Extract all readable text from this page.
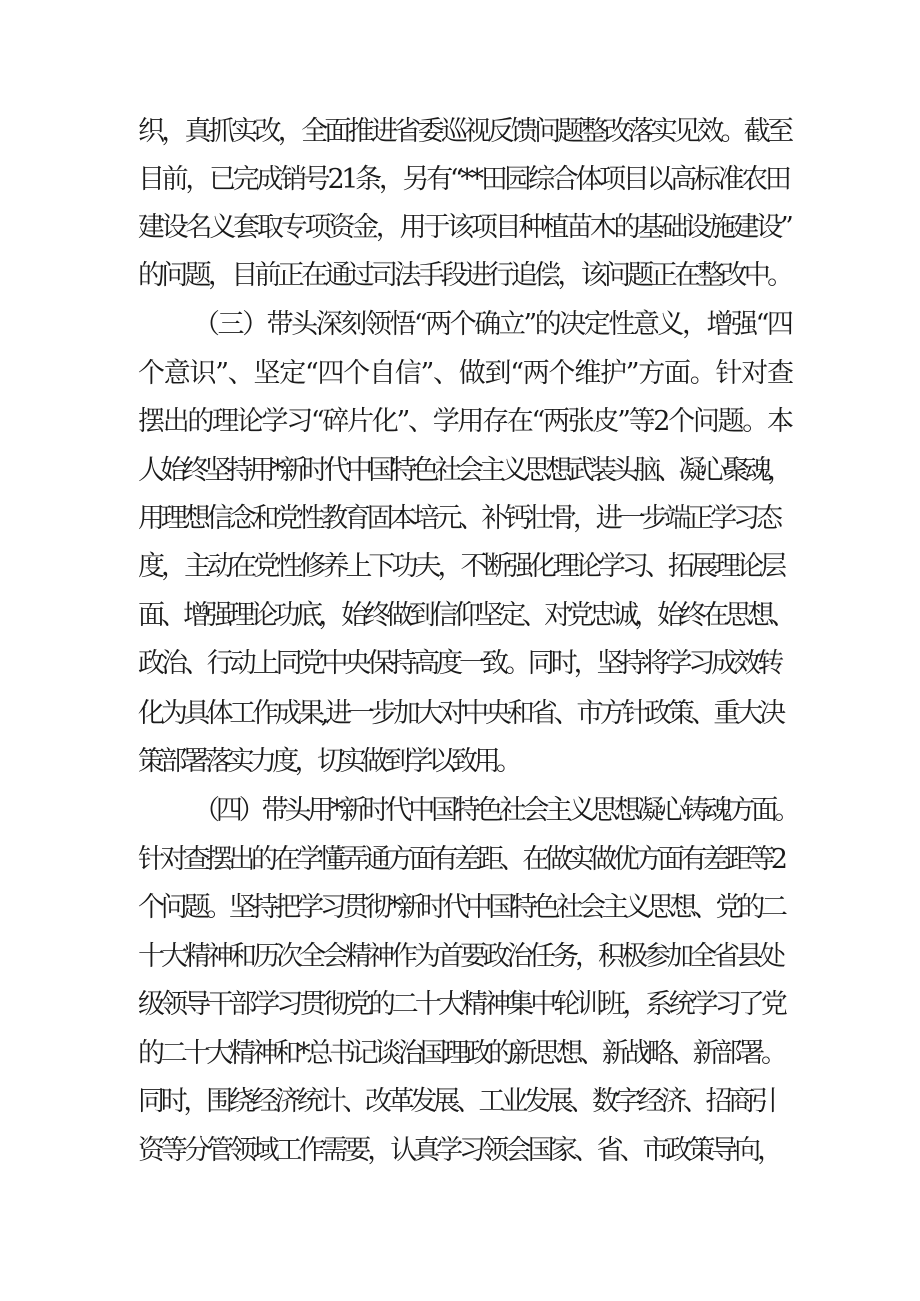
织，真抓实改，全面推进省委巡视反馈问题整改落实见效。截至
目前，已完成销号21条，另有“**田园综合体项目以高标准农田
建设名义套取专项资金，用于该项目种植苗木的基础设施建设”
的问题，目前正在通过司法手段进行追偿，该问题正在整改中。
（三）带头深刻领悟“两个确立”的决定性意义，增强“四
个意识”、坚定“四个自信”、做到“两个维护”方面。针对查
摆出的理论学习“碎片化”、学用存在“两张皮”等2个问题。本
人始终坚持用*新时代中国特色社会主义思想武装头脑、凝心聚魂，
用理想信念和党性教育固本培元、补钙壮骨，进一步端正学习态
度，主动在党性修养上下功夫，不断强化理论学习、拓展理论层
面、增强理论功底，始终做到信仰坚定、对党忠诚，始终在思想、
政治、行动上同党中央保持高度一致。同时，坚持将学习成效转
化为具体工作成果,进一步加大对中央和省、市方针政策、重大决
策部署落实力度，切实做到学以致用。
（四）带头用*新时代中国特色社会主义思想凝心铸魂方面。
针对查摆出的在学懂弄通方面有差距、在做实做优方面有差距等2
个问题。坚持把学习贯彻*新时代中国特色社会主义思想、党的二
十大精神和历次全会精神作为首要政治任务，积极参加全省县处
级领导干部学习贯彻党的二十大精神集中轮训班，系统学习了党
的二十大精神和*总书记谈治国理政的新思想、新战略、新部署。
同时，围绕经济统计、改革发展、工业发展、数字经济、招商引
资等分管领域工作需要，认真学习领会国家、省、市政策导向，
